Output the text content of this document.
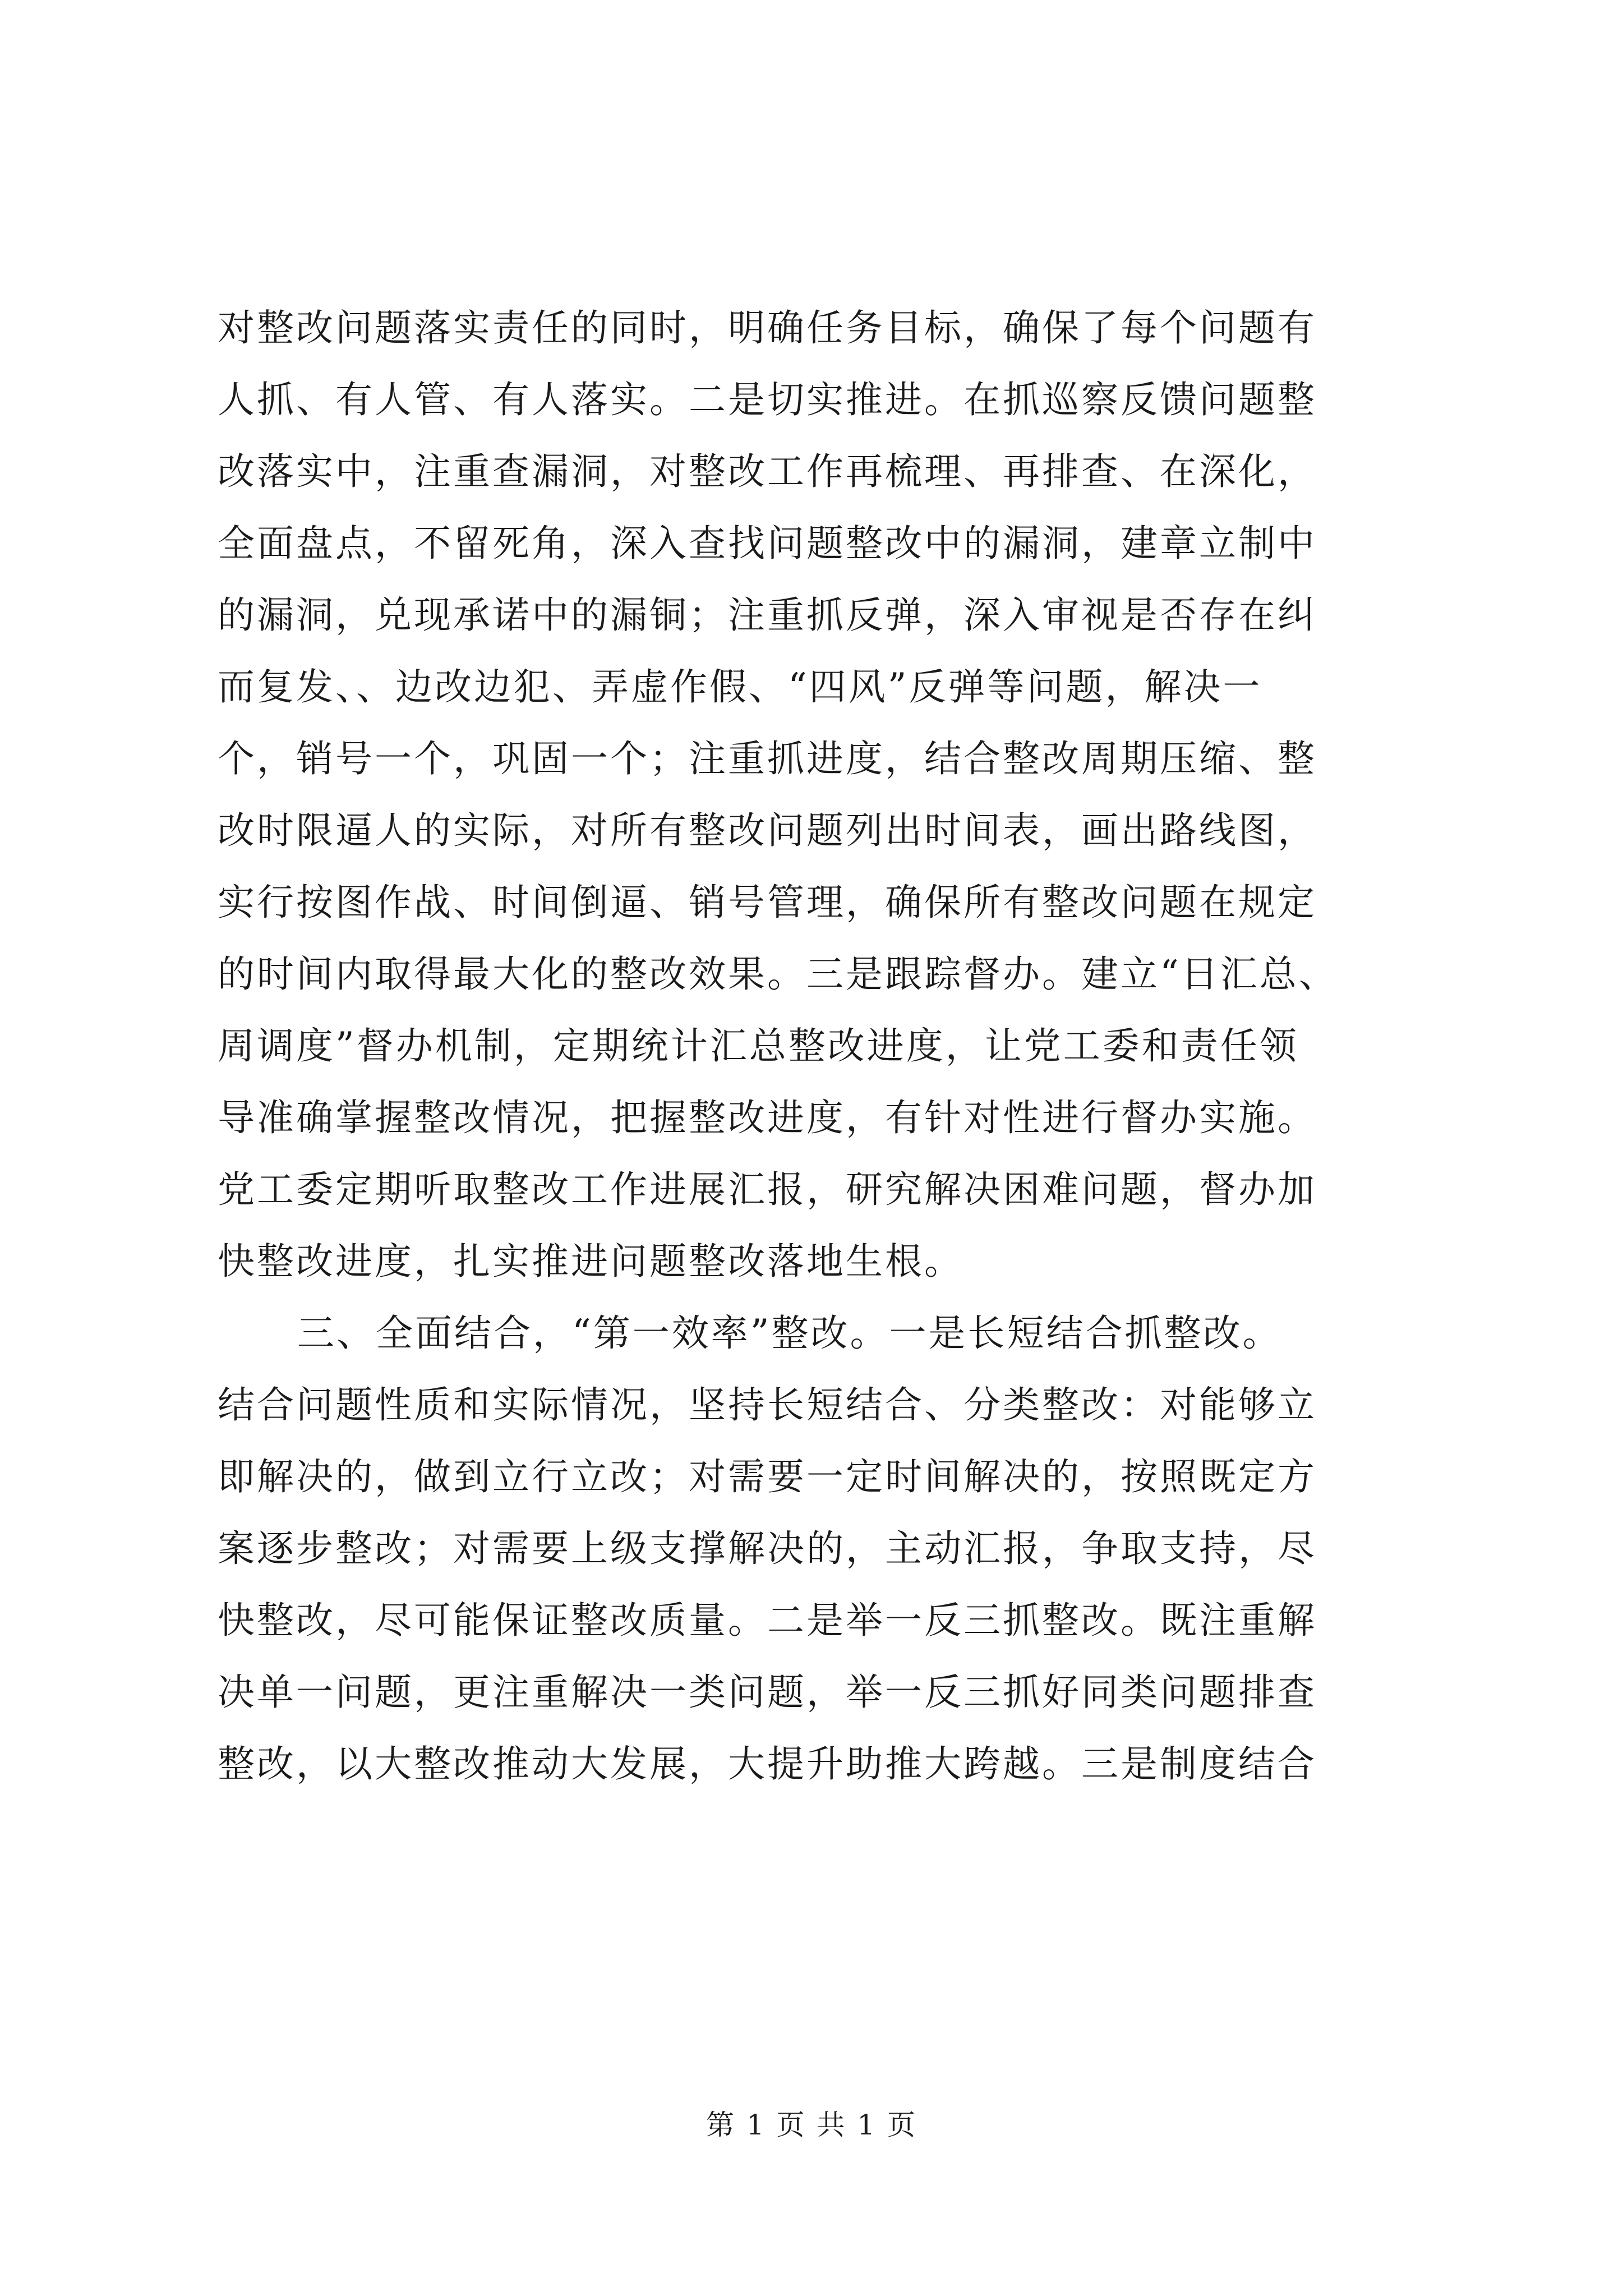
对整改问题落实责任的同时，明确任务目标，确保了每个问题有
人抓、有人管、有人落实。二是切实推进。在抓巡察反馈问题整
改落实中，注重查漏洞，对整改工作再梳理、再排查、在深化，
全面盘点，不留死角，深入查找问题整改中的漏洞，建章立制中
的漏洞，兑现承诺中的漏铜；注重抓反弹，深入审视是否存在纠
而复发、、边改边犯、弄虚作假、“四风”反弹等问题，解决一
个，销号一个，巩固一个；注重抓进度，结合整改周期压缩、整
改时限逼人的实际，对所有整改问题列出时间表，画出路线图，
实行按图作战、时间倒逼、销号管理，确保所有整改问题在规定
的时间内取得最大化的整改效果。三是跟踪督办。建立“日汇总、
周调度”督办机制，定期统计汇总整改进度，让党工委和责任领
导准确掌握整改情况，把握整改进度，有针对性进行督办实施。
党工委定期听取整改工作进展汇报，研究解决困难问题，督办加
快整改进度，扎实推进问题整改落地生根。
三、全面结合，“第一效率”整改。一是长短结合抓整改。
结合问题性质和实际情况，坚持长短结合、分类整改：对能够立
即解决的，做到立行立改；对需要一定时间解决的，按照既定方
案逐步整改；对需要上级支撑解决的，主动汇报，争取支持，尽
快整改，尽可能保证整改质量。二是举一反三抓整改。既注重解
决单一问题，更注重解决一类问题，举一反三抓好同类问题排查
整改，以大整改推动大发展，大提升助推大跨越。三是制度结合
第 1 页 共 1 页
